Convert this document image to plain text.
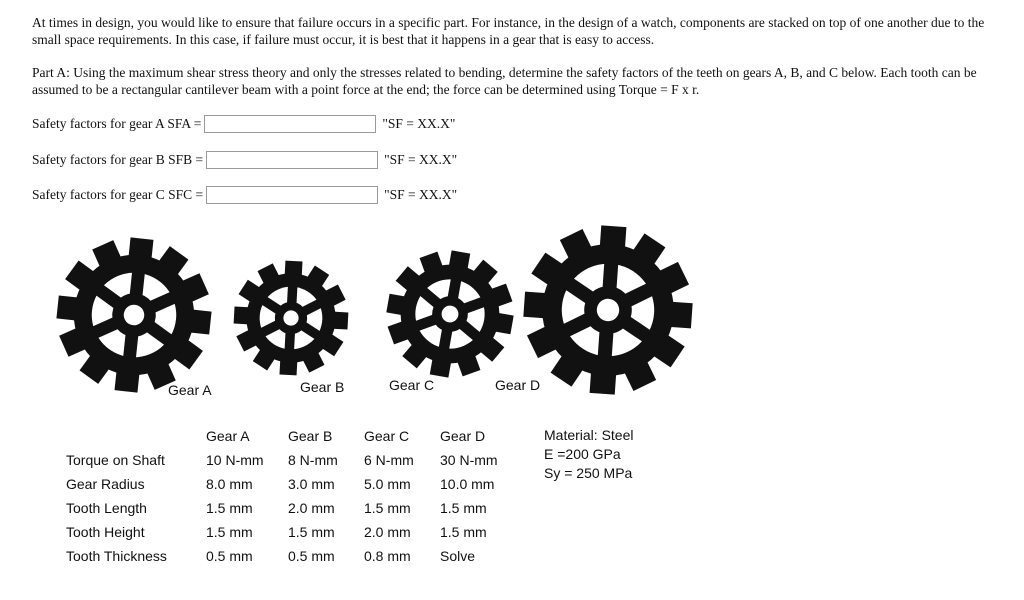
At times in design, you would like to ensure that failure occurs in a specific part. For instance, in the design of a watch, components are stacked on top of one another due to the small space requirements. In this case, if failure must occur, it is best that it happens in a gear that is easy to access.
Part A: Using the maximum shear stress theory and only the stresses related to bending, determine the safety factors of the teeth on gears A, B, and C below. Each tooth can be assumed to be a rectangular cantilever beam with a point force at the end; the force can be determined using Torque = F x r.
Safety factors for gear A SFA =	"SF = XX.X"
Safety factors for gear B SFB =	"SF = XX.X"
Safety factors for gear C SFC =	"SF = XX.X"
Gear A	Gear B	Gear C	Gear D
	Gear A	Gear B	Gear C	Gear D
Torque on Shaft	10 N-mm	8 N-mm	6 N-mm	30 N-mm
Gear Radius	8.0 mm	3.0 mm	5.0 mm	10.0 mm
Tooth Length	1.5 mm	2.0 mm	1.5 mm	1.5 mm
Tooth Height	1.5 mm	1.5 mm	2.0 mm	1.5 mm
Tooth Thickness	0.5 mm	0.5 mm	0.8 mm	Solve
Material: Steel
E =200 GPa
Sy = 250 MPa
